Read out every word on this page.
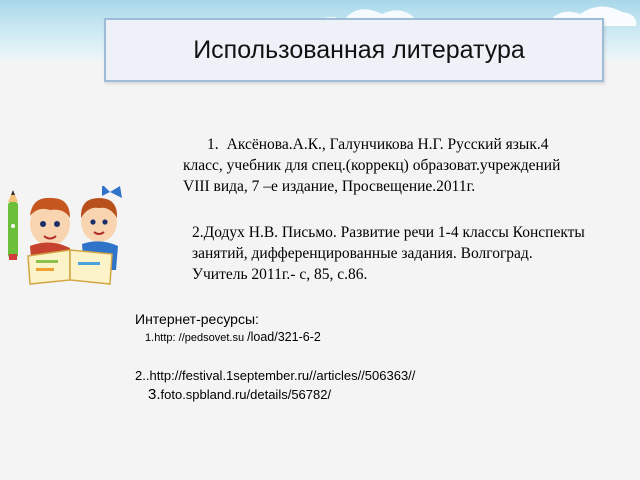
Использованная литература
1. Аксёнова.А.К., Галунчикова Н.Г. Русский язык.4 класс, учебник для спец.(коррекц) образоват.учреждений VIII вида, 7 –е издание, Просвещение.2011г.
2.Додух Н.В. Письмо. Развитие речи 1-4 классы Конспекты занятий, дифференцированные задания. Волгоград. Учитель 2011г.- с, 85, с.86.
Интернет-ресурсы:
1.http: //pedsovet.su /load/321-6-2
2..http://festival.1september.ru//articles//506363//
3.foto.spbland.ru/details/56782/
